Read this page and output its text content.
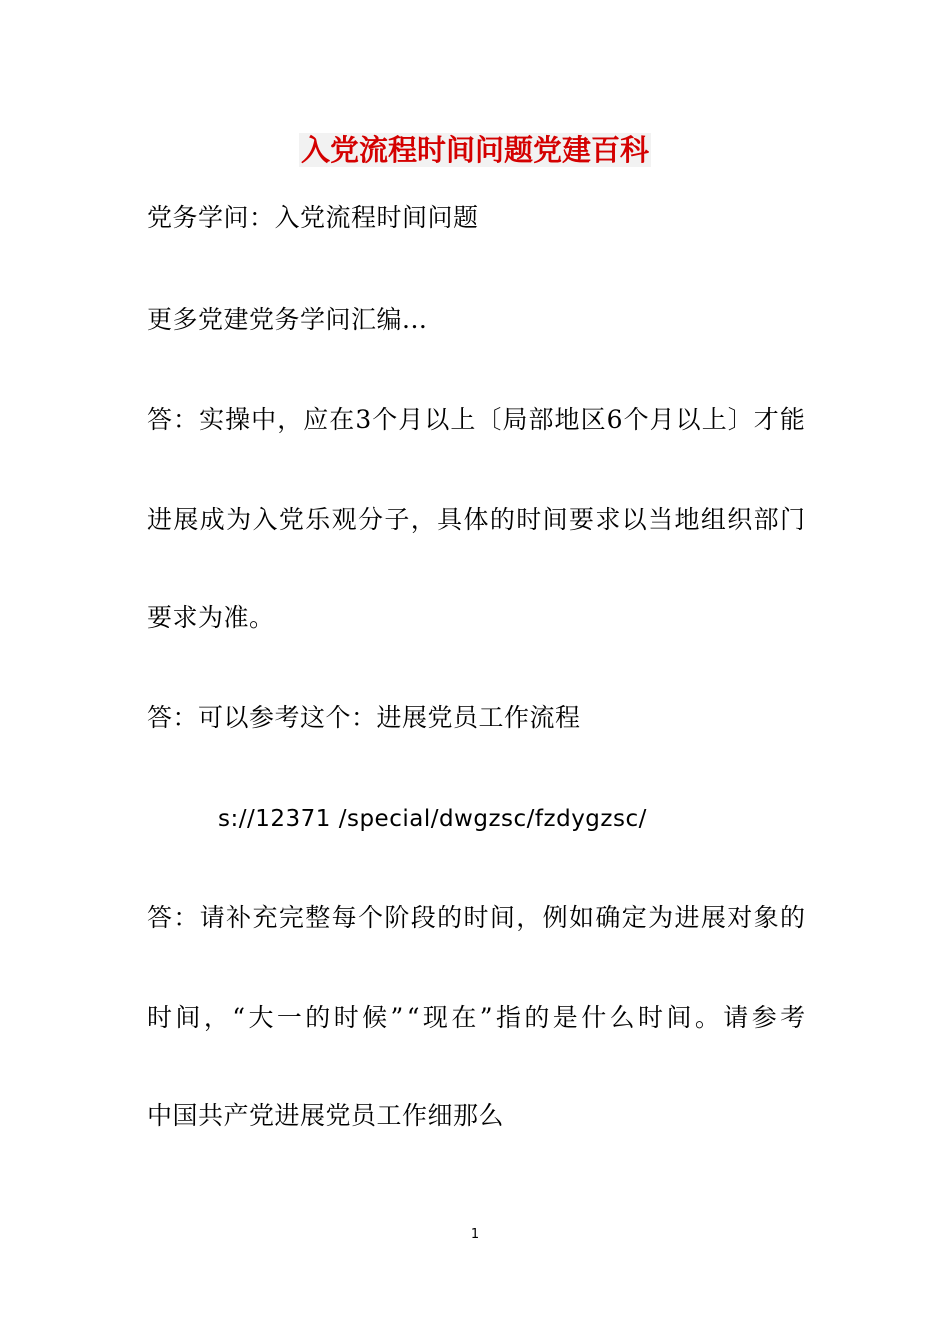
入党流程时间问题党建百科
党务学问：入党流程时间问题
更多党建党务学问汇编...
答：实操中，应在3个月以上〔局部地区6个月以上〕才能
进展成为入党乐观分子，具体的时间要求以当地组织部门
要求为准。
答：可以参考这个：进展党员工作流程
s://12371 /special/dwgzsc/fzdygzsc/
答：请补充完整每个阶段的时间，例如确定为进展对象的
时间，“大一的时候”“现在”指的是什么时间。请参考
中国共产党进展党员工作细那么
1
